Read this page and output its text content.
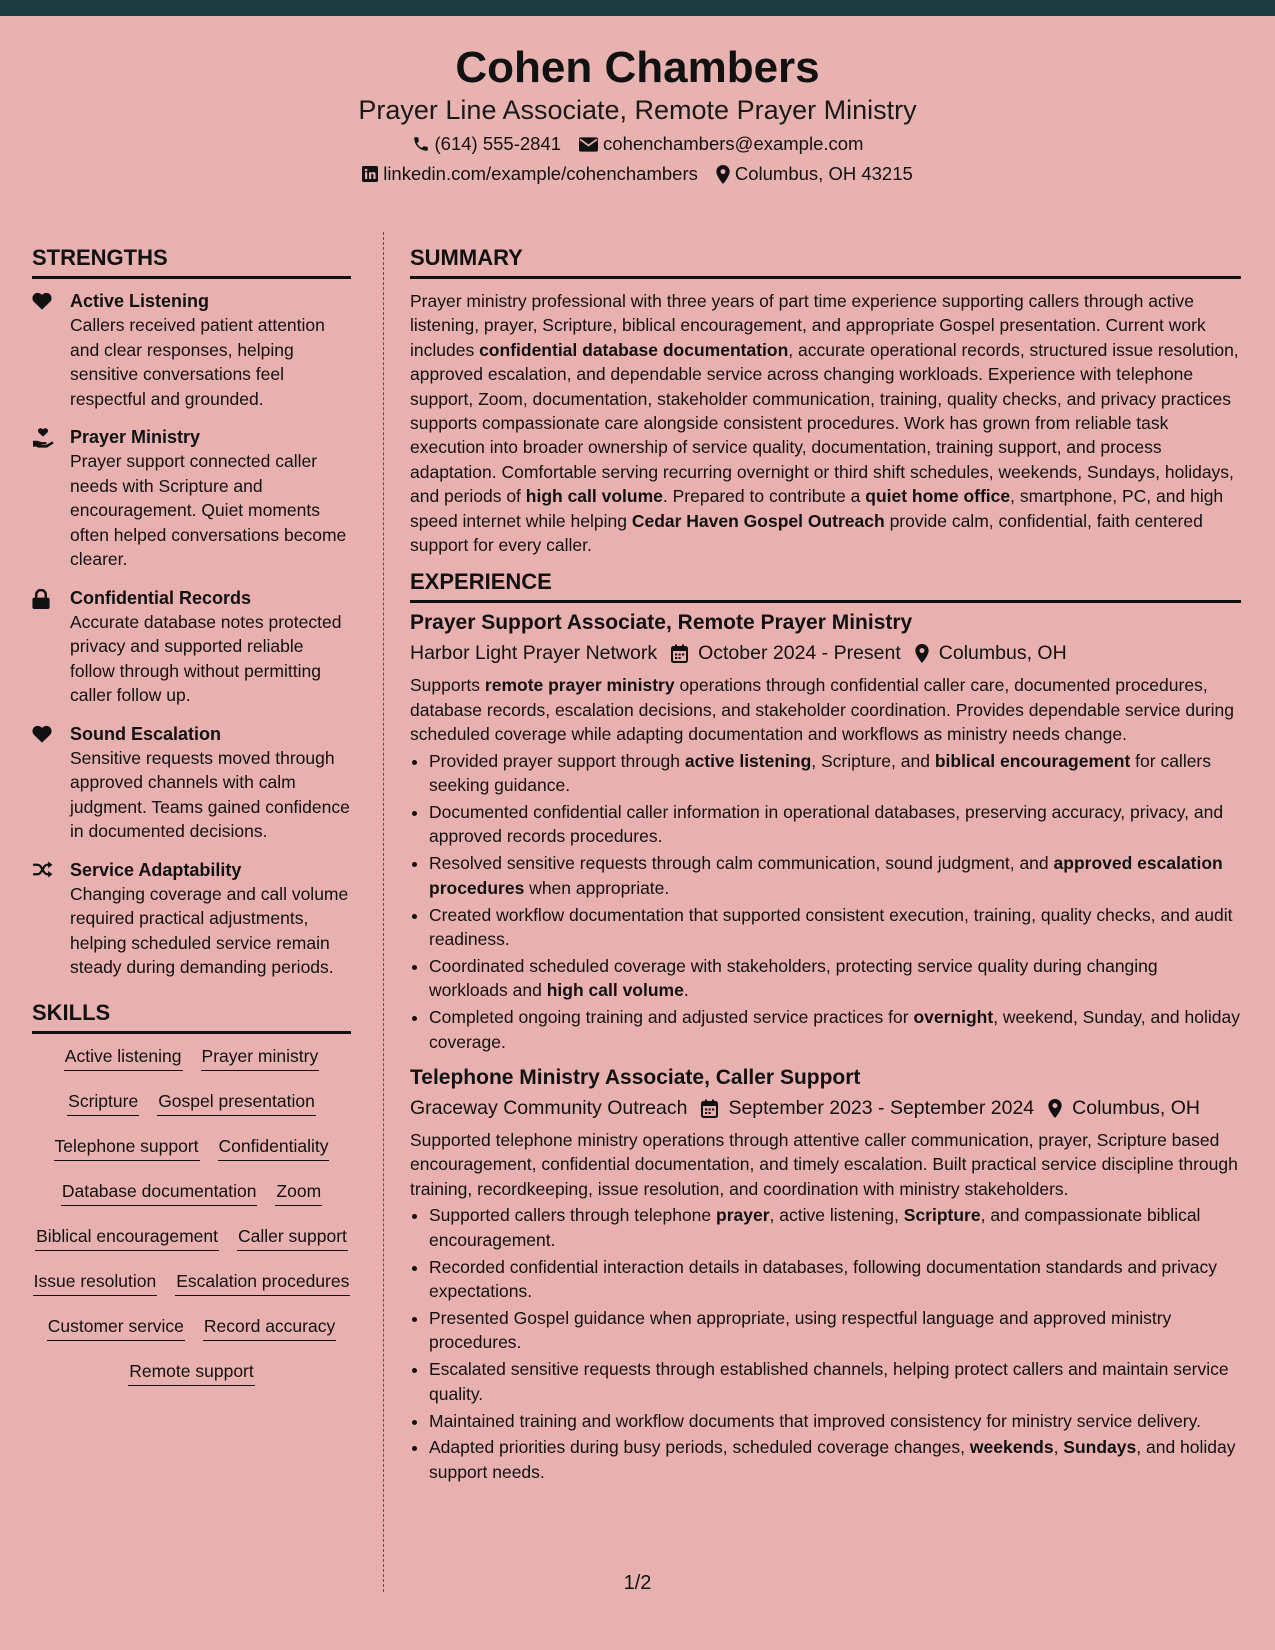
Cohen Chambers
Prayer Line Associate, Remote Prayer Ministry
(614) 555-2841 cohenchambers@example.com
linkedin.com/example/cohenchambers Columbus, OH 43215
STRENGTHS
Active Listening
Callers received patient attention and clear responses, helping sensitive conversations feel respectful and grounded.
Prayer Ministry
Prayer support connected caller needs with Scripture and encouragement. Quiet moments often helped conversations become clearer.
Confidential Records
Accurate database notes protected privacy and supported reliable follow through without permitting caller follow up.
Sound Escalation
Sensitive requests moved through approved channels with calm judgment. Teams gained confidence in documented decisions.
Service Adaptability
Changing coverage and call volume required practical adjustments, helping scheduled service remain steady during demanding periods.
SKILLS
Active listening Prayer ministry
Scripture Gospel presentation
Telephone support Confidentiality
Database documentation Zoom
Biblical encouragement Caller support
Issue resolution Escalation procedures
Customer service Record accuracy
Remote support
SUMMARY

Prayer ministry professional with three years of part time experience supporting callers through active listening, prayer, Scripture, biblical encouragement, and appropriate Gospel presentation. Current work includes confidential database documentation, accurate operational records, structured issue resolution, approved escalation, and dependable service across changing workloads. Experience with telephone support, Zoom, documentation, stakeholder communication, training, quality checks, and privacy practices supports compassionate care alongside consistent procedures. Work has grown from reliable task execution into broader ownership of service quality, documentation, training support, and process adaptation. Comfortable serving recurring overnight or third shift schedules, weekends, Sundays, holidays, and periods of high call volume. Prepared to contribute a quiet home office, smartphone, PC, and high speed internet while helping Cedar Haven Gospel Outreach provide calm, confidential, faith centered support for every caller.

EXPERIENCE
Prayer Support Associate, Remote Prayer Ministry
Harbor Light Prayer Network October 2024 - Present Columbus, OH

Supports remote prayer ministry operations through confidential caller care, documented procedures, database records, escalation decisions, and stakeholder coordination. Provides dependable service during scheduled coverage while adapting documentation and workflows as ministry needs change.

• Provided prayer support through active listening, Scripture, and biblical encouragement for callers seeking guidance.
• Documented confidential caller information in operational databases, preserving accuracy, privacy, and approved records procedures.
• Resolved sensitive requests through calm communication, sound judgment, and approved escalation procedures when appropriate.
• Created workflow documentation that supported consistent execution, training, quality checks, and audit readiness.
• Coordinated scheduled coverage with stakeholders, protecting service quality during changing workloads and high call volume.
• Completed ongoing training and adjusted service practices for overnight, weekend, Sunday, and holiday coverage.
Telephone Ministry Associate, Caller Support
Graceway Community Outreach September 2023 - September 2024 Columbus, OH

Supported telephone ministry operations through attentive caller communication, prayer, Scripture based encouragement, confidential documentation, and timely escalation. Built practical service discipline through training, recordkeeping, issue resolution, and coordination with ministry stakeholders.

• Supported callers through telephone prayer, active listening, Scripture, and compassionate biblical encouragement.
• Recorded confidential interaction details in databases, following documentation standards and privacy expectations.
• Presented Gospel guidance when appropriate, using respectful language and approved ministry procedures.
• Escalated sensitive requests through established channels, helping protect callers and maintain service quality.
• Maintained training and workflow documents that improved consistency for ministry service delivery.
• Adapted priorities during busy periods, scheduled coverage changes, weekends, Sundays, and holiday support needs.
1/2
